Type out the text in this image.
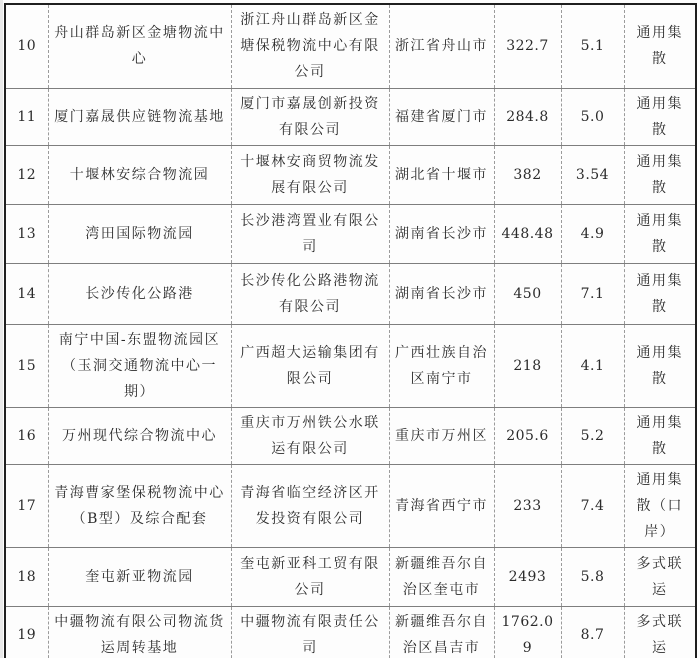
10	舟山群岛新区金塘物流中心	浙江舟山群岛新区金塘保税物流中心有限公司	浙江省舟山市	322.7	5.1	通用集散
11	厦门嘉晟供应链物流基地	厦门市嘉晟创新投资有限公司	福建省厦门市	284.8	5.0	通用集散
12	十堰林安综合物流园	十堰林安商贸物流发展有限公司	湖北省十堰市	382	3.54	通用集散
13	湾田国际物流园	长沙港湾置业有限公司	湖南省长沙市	448.48	4.9	通用集散
14	长沙传化公路港	长沙传化公路港物流有限公司	湖南省长沙市	450	7.1	通用集散
15	南宁中国-东盟物流园区（玉洞交通物流中心一期）	广西超大运输集团有限公司	广西壮族自治区南宁市	218	4.1	通用集散
16	万州现代综合物流中心	重庆市万州铁公水联运有限公司	重庆市万州区	205.6	5.2	通用集散
17	青海曹家堡保税物流中心（B型）及综合配套	青海省临空经济区开发投资有限公司	青海省西宁市	233	7.4	通用集散（口岸）
18	奎屯新亚物流园	奎屯新亚科工贸有限公司	新疆维吾尔自治区奎屯市	2493	5.8	多式联运
19	中疆物流有限公司物流货运周转基地	中疆物流有限责任公司	新疆维吾尔自治区昌吉市	1762.09	8.7	多式联运
